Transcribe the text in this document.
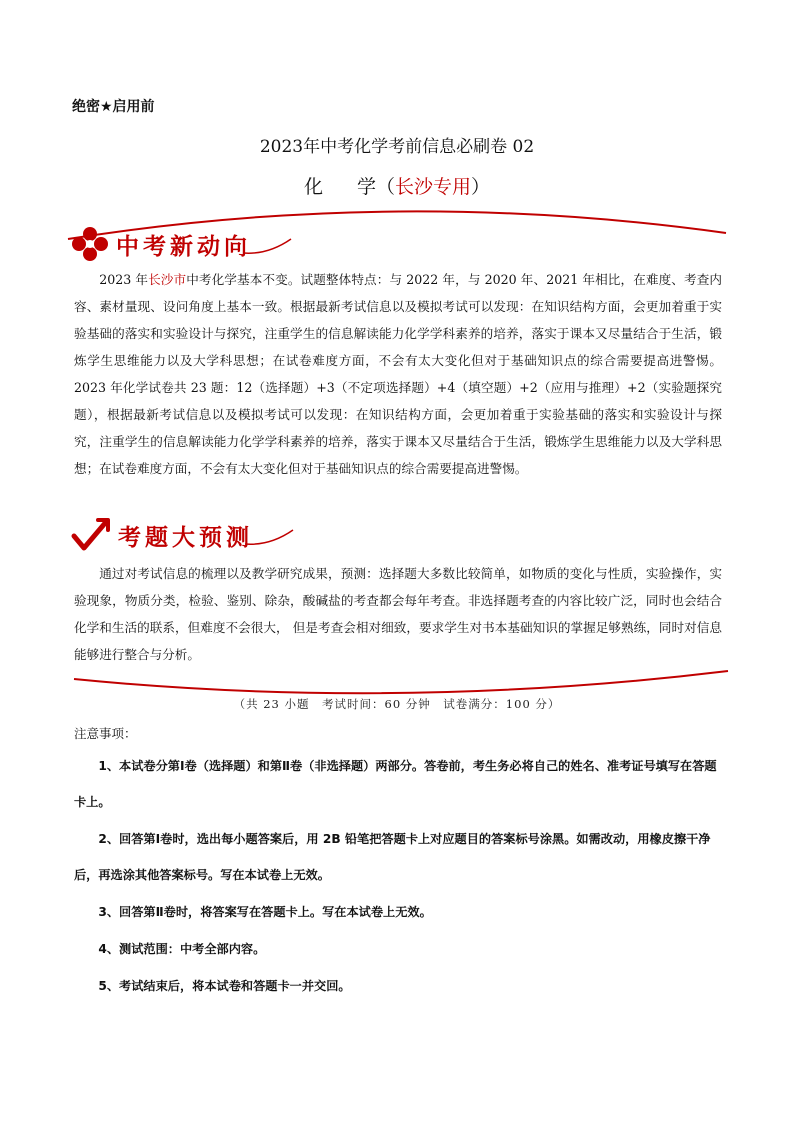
绝密★启用前
2023年中考化学考前信息必刷卷 02
化 学（长沙专用）
中考新动向
2023 年长沙市中考化学基本不变。试题整体特点：与 2022 年，与 2020 年、2021 年相比，在难度、考查内容、素材量现、设问角度上基本一致。根据最新考试信息以及模拟考试可以发现：在知识结构方面，会更加着重于实验基础的落实和实验设计与探究，注重学生的信息解读能力化学学科素养的培养，落实于课本又尽量结合于生活，锻炼学生思维能力以及大学科思想；在试卷难度方面，不会有太大变化但对于基础知识点的综合需要提高进警惕。2023 年化学试卷共 23 题：12（选择题）+3（不定项选择题）+4（填空题）+2（应用与推理）+2（实验题探究题），根据最新考试信息以及模拟考试可以发现：在知识结构方面，会更加着重于实验基础的落实和实验设计与探究，注重学生的信息解读能力化学学科素养的培养，落实于课本又尽量结合于生活，锻炼学生思维能力以及大学科思想；在试卷难度方面，不会有太大变化但对于基础知识点的综合需要提高进警惕。
考题大预测
通过对考试信息的梳理以及教学研究成果，预测：选择题大多数比较简单，如物质的变化与性质，实验操作，实验现象，物质分类，检验、鉴别、除杂，酸碱盐的考查都会每年考查。非选择题考查的内容比较广泛，同时也会结合化学和生活的联系，但难度不会很大， 但是考查会相对细致，要求学生对书本基础知识的掌握足够熟练，同时对信息能够进行整合与分析。
（共 23 小题　考试时间：60 分钟　试卷满分：100 分）
注意事项：

1、本试卷分第Ⅰ卷（选择题）和第Ⅱ卷（非选择题）两部分。答卷前，考生务必将自己的姓名、准考证号填写在答题卡上。

2、回答第Ⅰ卷时，选出每小题答案后，用 2B 铅笔把答题卡上对应题目的答案标号涂黑。如需改动，用橡皮擦干净后，再选涂其他答案标号。写在本试卷上无效。

3、回答第Ⅱ卷时，将答案写在答题卡上。写在本试卷上无效。

4、测试范围：中考全部内容。

5、考试结束后，将本试卷和答题卡一并交回。
